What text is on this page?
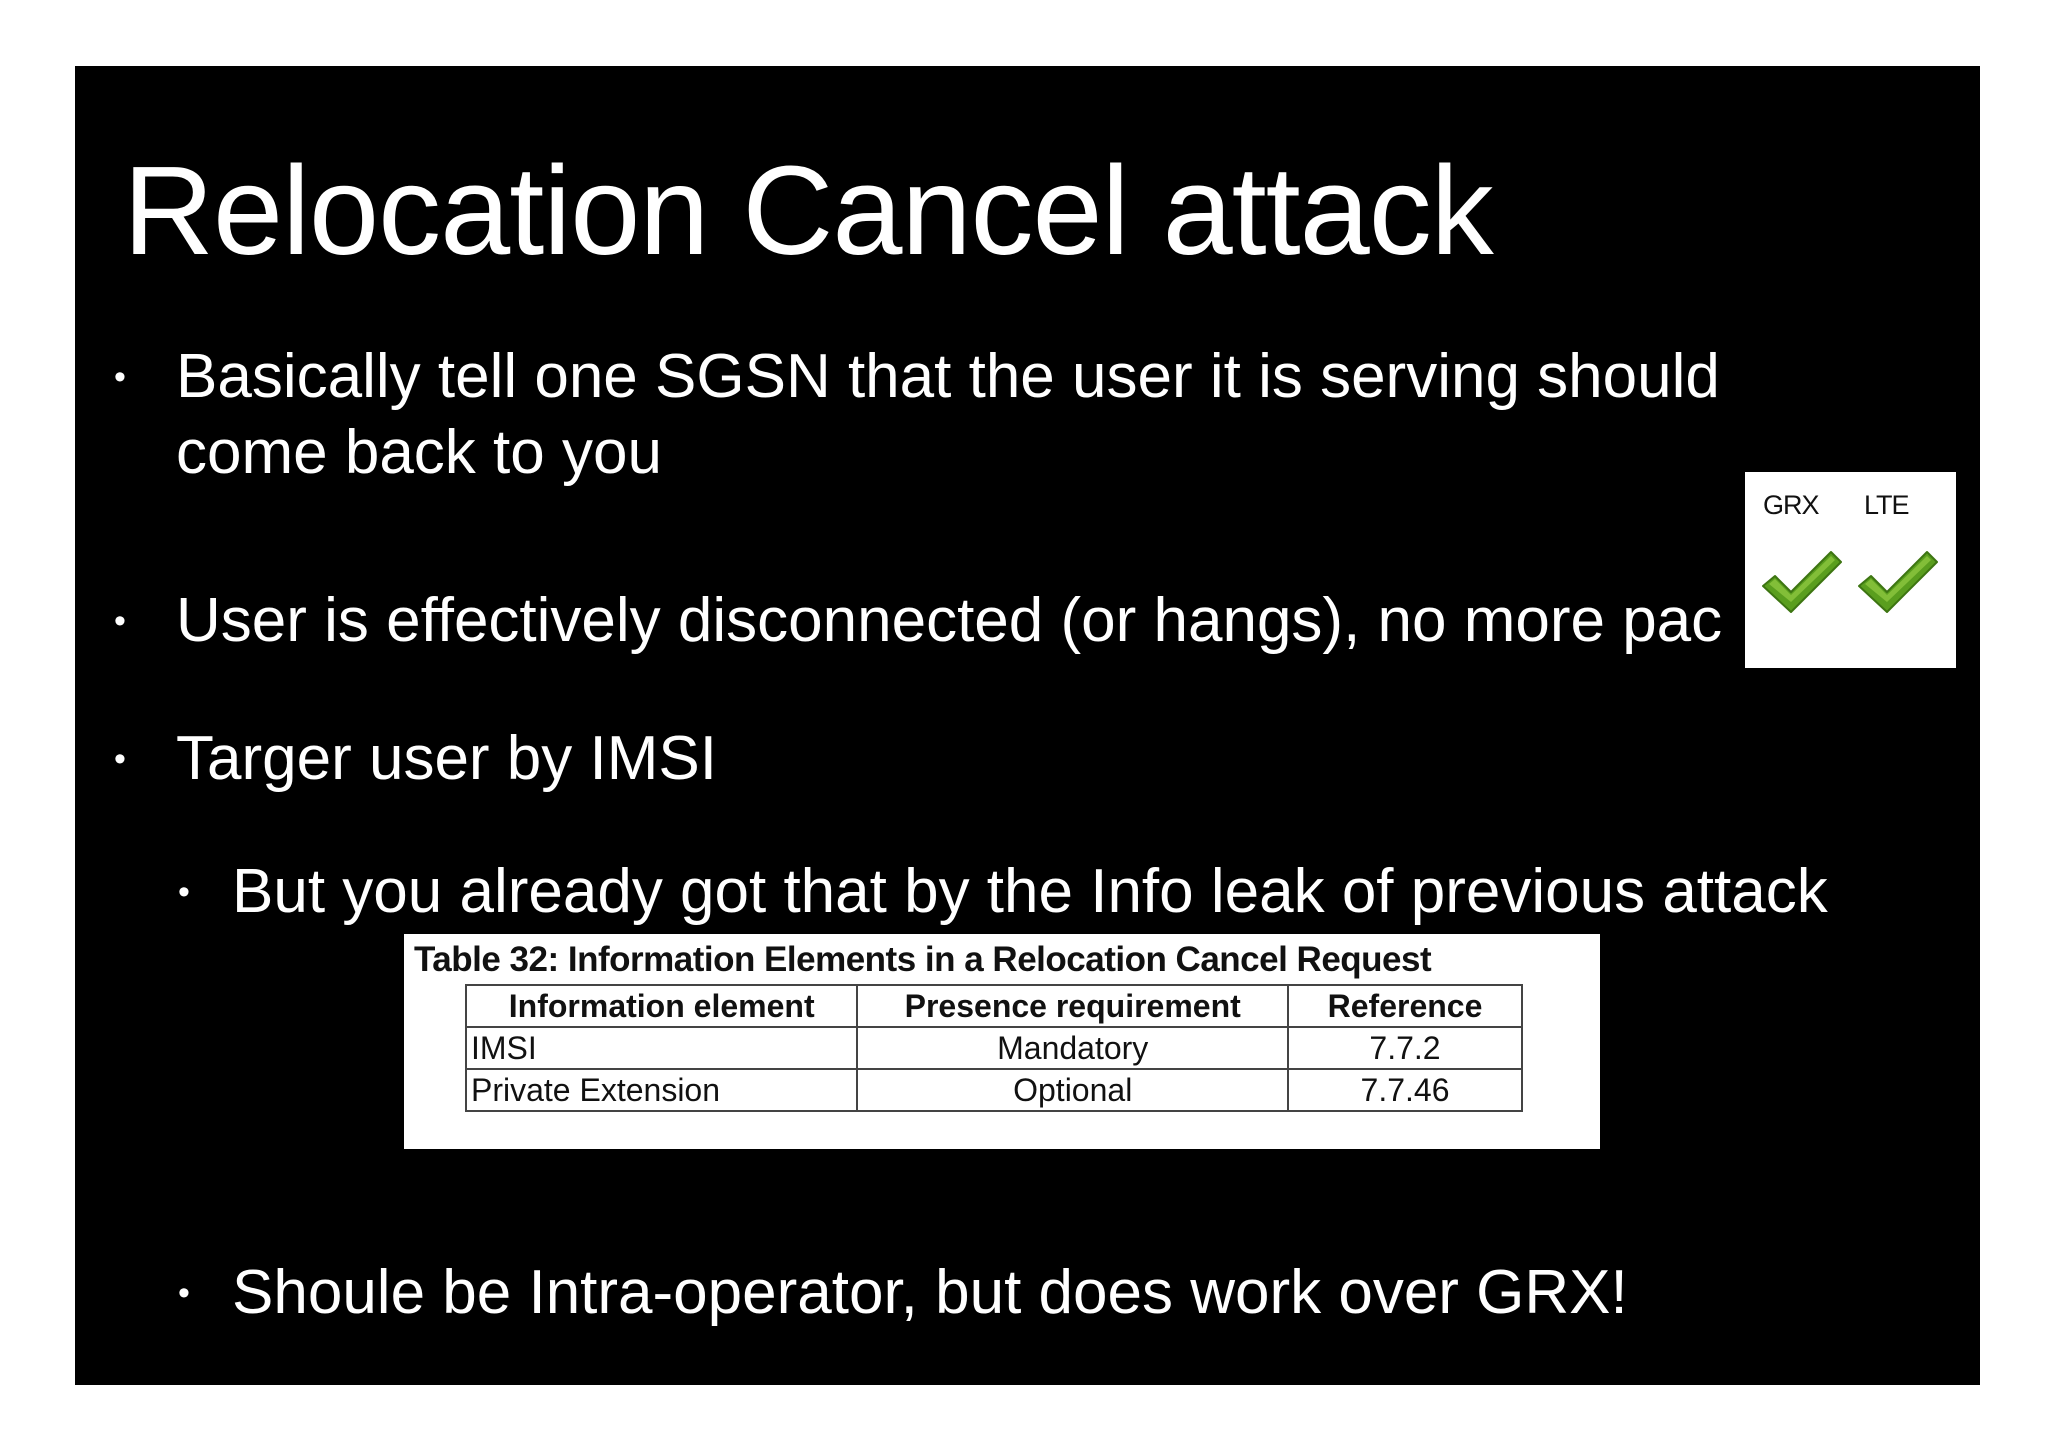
Relocation Cancel attack
• Basically tell one SGSN that the user it is serving should
come back to you
• User is effectively disconnected (or hangs), no more pac
• Targer user by IMSI
• But you already got that by the Info leak of previous attack
• Shoule be Intra-operator, but does work over GRX!
GRX LTE
Table 32: Information Elements in a Relocation Cancel Request
Information element	Presence requirement	Reference
IMSI	Mandatory	7.7.2
Private Extension	Optional	7.7.46
